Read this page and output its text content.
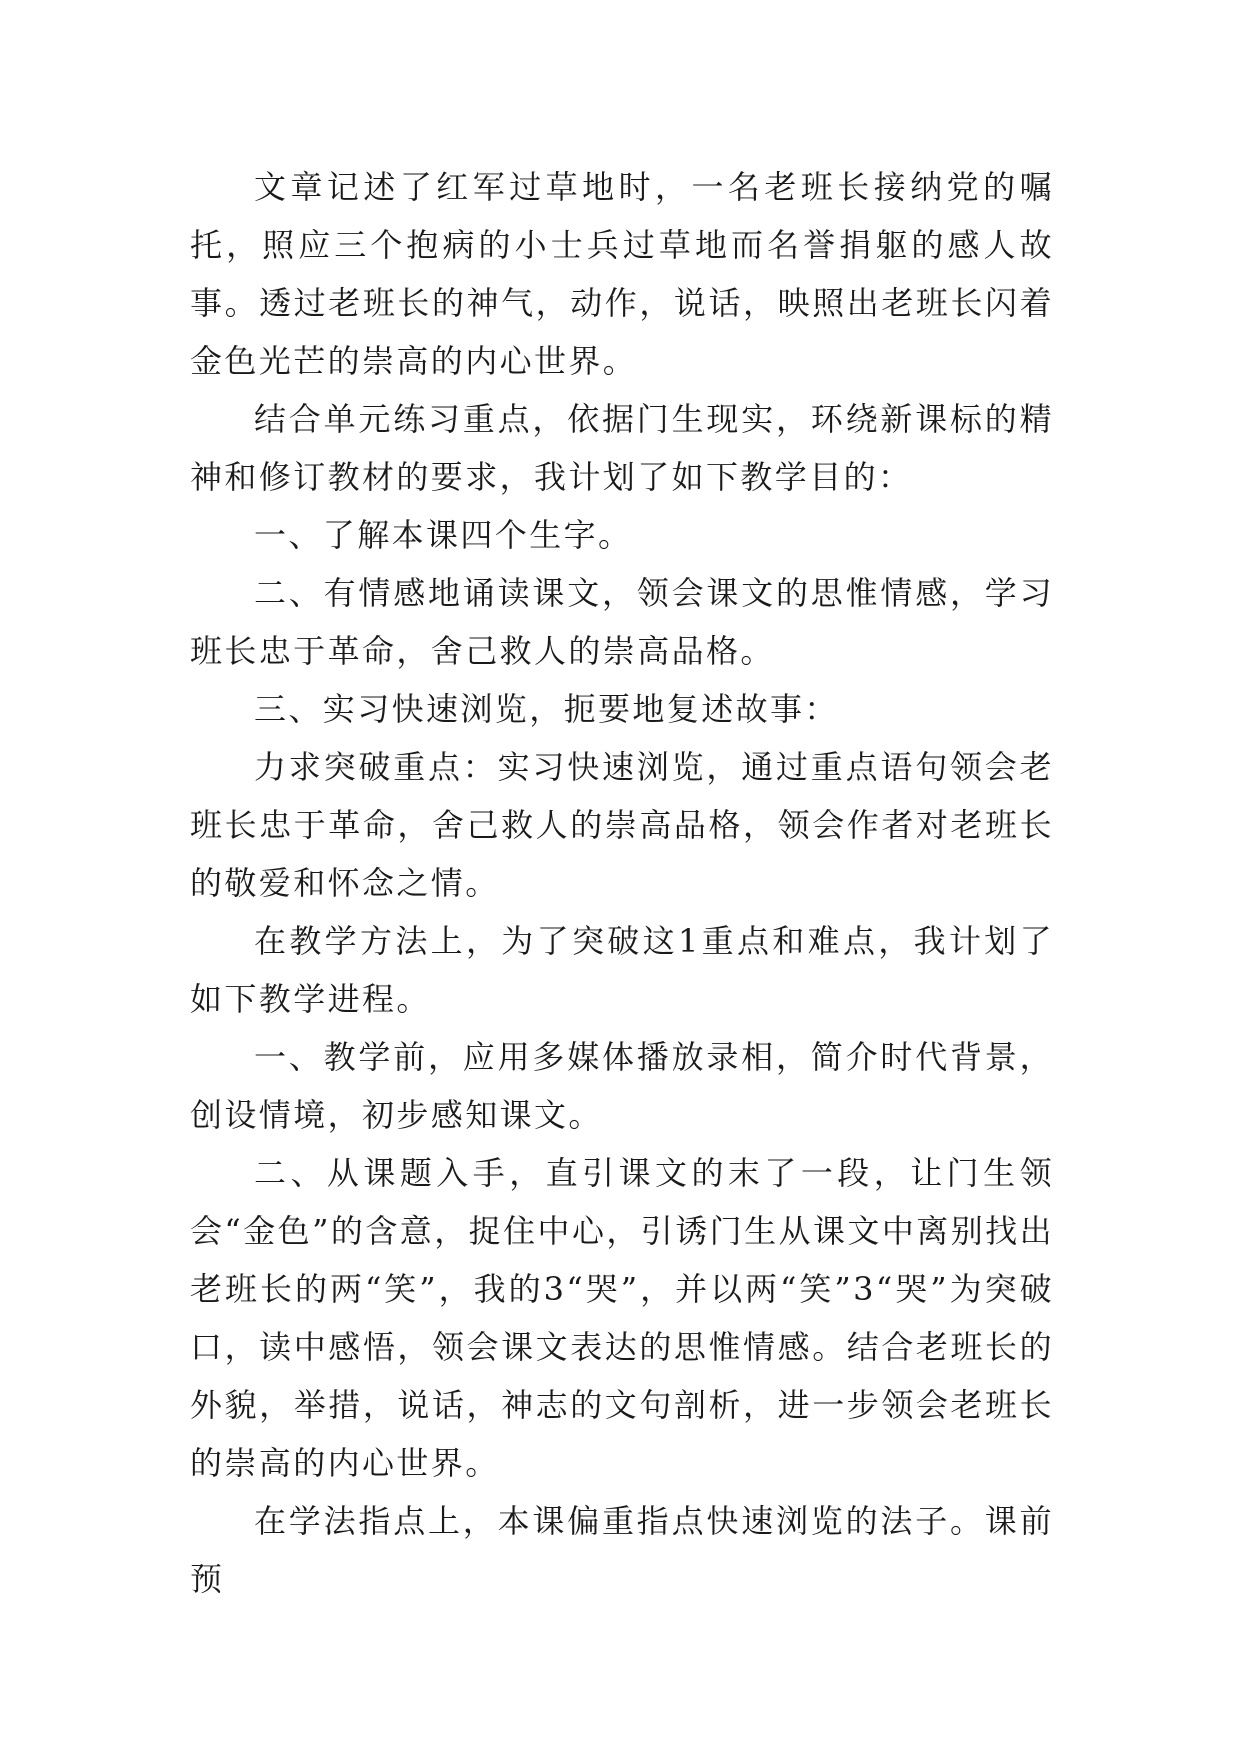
文章记述了红军过草地时，一名老班长接纳党的嘱托，照应三个抱病的小士兵过草地而名誉捐躯的感人故事。透过老班长的神气，动作，说话，映照出老班长闪着金色光芒的崇高的内心世界。

结合单元练习重点，依据门生现实，环绕新课标的精神和修订教材的要求，我计划了如下教学目的：

一、了解本课四个生字。

二、有情感地诵读课文，领会课文的思惟情感，学习班长忠于革命，舍己救人的崇高品格。

三、实习快速浏览，扼要地复述故事：

力求突破重点：实习快速浏览，通过重点语句领会老班长忠于革命，舍己救人的崇高品格，领会作者对老班长的敬爱和怀念之情。

在教学方法上，为了突破这1重点和难点，我计划了如下教学进程。

一、教学前，应用多媒体播放录相，简介时代背景，创设情境，初步感知课文。

二、从课题入手，直引课文的末了一段，让门生领会“金色”的含意，捉住中心，引诱门生从课文中离别找出老班长的两“笑”，我的3“哭”，并以两“笑”3“哭”为突破口，读中感悟，领会课文表达的思惟情感。结合老班长的外貌，举措，说话，神志的文句剖析，进一步领会老班长的崇高的内心世界。

在学法指点上，本课偏重指点快速浏览的法子。课前预
